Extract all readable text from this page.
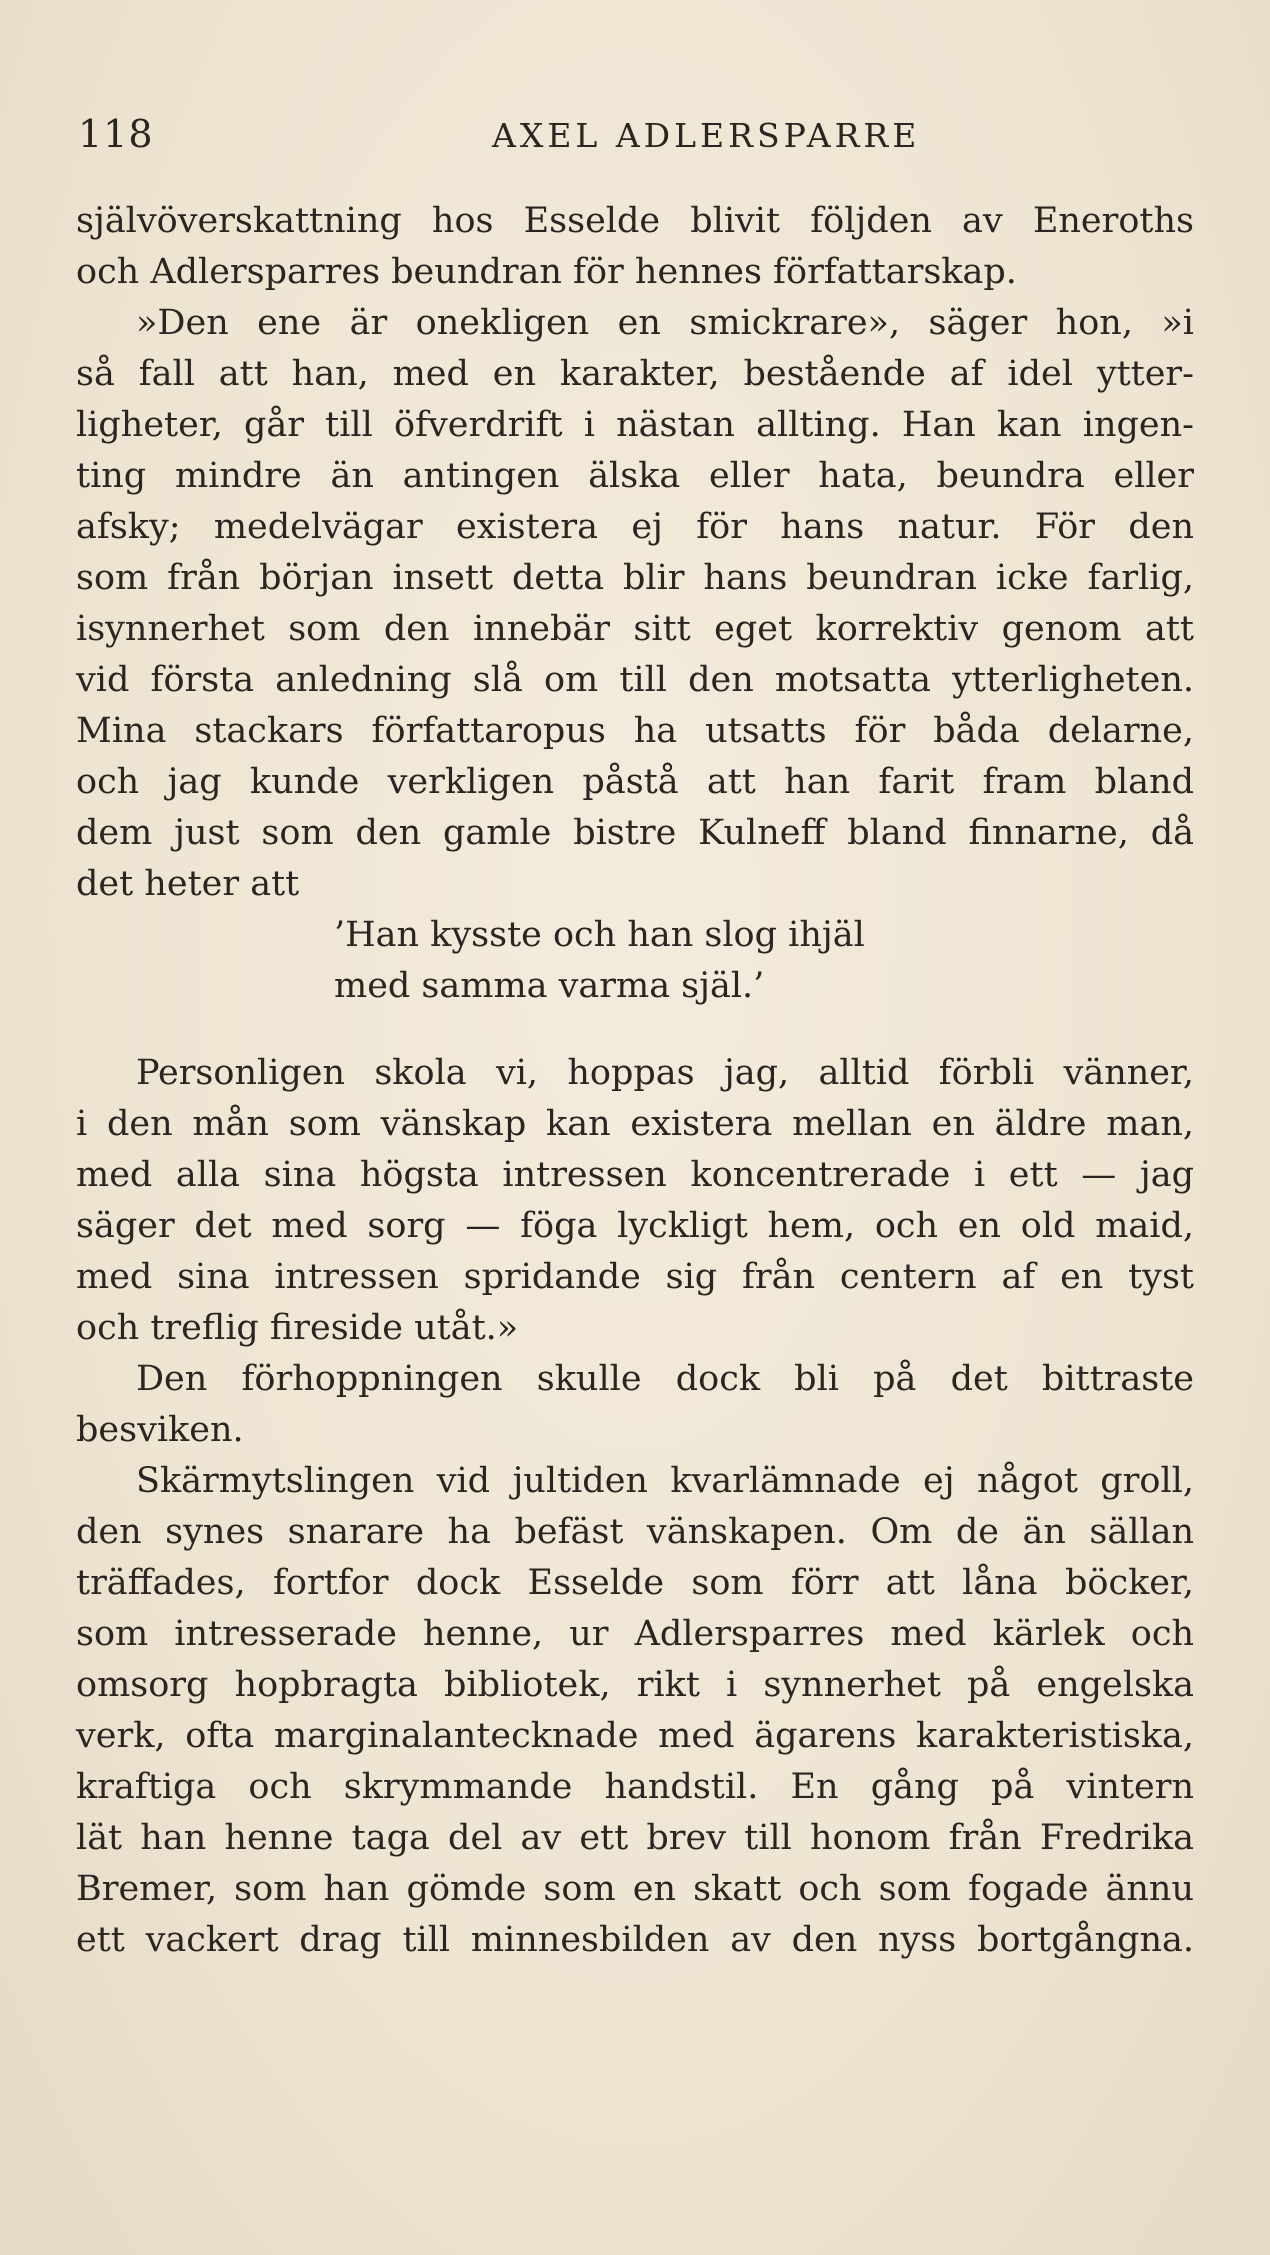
118	AXEL ADLERSPARRE
självöverskattning hos Esselde blivit följden av Eneroths
och Adlersparres beundran för hennes författarskap.
»Den ene är onekligen en smickrare», säger hon, »i
så fall att han, med en karakter, bestående af idel ytter-
ligheter, går till öfverdrift i nästan allting. Han kan ingen-
ting mindre än antingen älska eller hata, beundra eller
afsky; medelvägar existera ej för hans natur. För den
som från början insett detta blir hans beundran icke farlig,
isynnerhet som den innebär sitt eget korrektiv genom att
vid första anledning slå om till den motsatta ytterligheten.
Mina stackars författaropus ha utsatts för båda delarne,
och jag kunde verkligen påstå att han farit fram bland
dem just som den gamle bistre Kulneff bland finnarne, då
det heter att
’Han kysste och han slog ihjäl
med samma varma själ.’
Personligen skola vi, hoppas jag, alltid förbli vänner,
i den mån som vänskap kan existera mellan en äldre man,
med alla sina högsta intressen koncentrerade i ett — jag
säger det med sorg — föga lyckligt hem, och en old maid,
med sina intressen spridande sig från centern af en tyst
och treflig fireside utåt.»
Den förhoppningen skulle dock bli på det bittraste
besviken.
Skärmytslingen vid jultiden kvarlämnade ej något groll,
den synes snarare ha befäst vänskapen. Om de än sällan
träffades, fortfor dock Esselde som förr att låna böcker,
som intresserade henne, ur Adlersparres med kärlek och
omsorg hopbragta bibliotek, rikt i synnerhet på engelska
verk, ofta marginalantecknade med ägarens karakteristiska,
kraftiga och skrymmande handstil. En gång på vintern
lät han henne taga del av ett brev till honom från Fredrika
Bremer, som han gömde som en skatt och som fogade ännu
ett vackert drag till minnesbilden av den nyss bortgångna.
